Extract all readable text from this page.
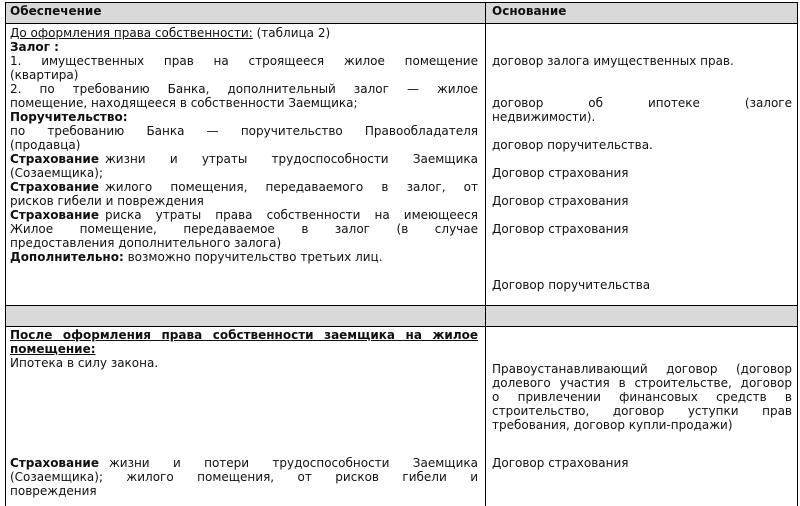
Обеспечение	Основание
До оформления права собственности: (таблица 2)
Залог :
1. имущественных прав на строящееся жилое помещение
(квартира)
2. по требованию Банка, дополнительный залог — жилое
помещение, находящееся в собственности Заемщика;
Поручительство:
по требованию Банка — поручительство Правообладателя
(продавца)
Страхование жизни и утраты трудоспособности Заемщика
(Созаемщика);
Страхование жилого помещения, передаваемого в залог, от
рисков гибели и повреждения
Страхование риска утраты права собственности на имеющееся
Жилое помещение, передаваемое в залог (в случае
предоставления дополнительного залога)
Дополнительно: возможно поручительство третьих лиц.
договор залога имущественных прав.
договор об ипотеке (залоге
недвижимости).
договор поручительства.
Договор страхования
Договор страхования
Договор страхования
Договор поручительства
После оформления права собственности заемщика на жилое
помещение:
Ипотека в силу закона.
Страхование жизни и потери трудоспособности Заемщика
(Созаемщика); жилого помещения, от рисков гибели и
повреждения
Правоустанавливающий договор (договор
долевого участия в строительстве, договор
о привлечении финансовых средств в
строительство, договор уступки прав
требования, договор купли-продажи)
Договор страхования
